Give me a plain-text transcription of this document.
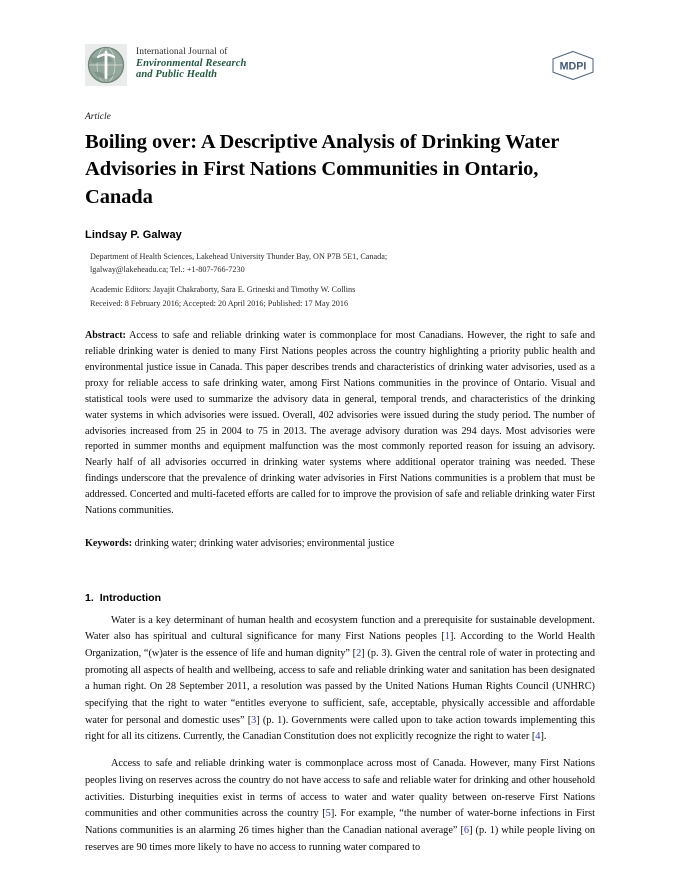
International Journal of
Environmental Research
and Public Health
MDPI
Article
Boiling over: A Descriptive Analysis of Drinking Water Advisories in First Nations Communities in Ontario, Canada
Lindsay P. Galway
Department of Health Sciences, Lakehead University Thunder Bay, ON P7B 5E1, Canada;
lgalway@lakeheadu.ca; Tel.: +1-807-766-7230
Academic Editors: Jayajit Chakraborty, Sara E. Grineski and Timothy W. Collins
Received: 8 February 2016; Accepted: 20 April 2016; Published: 17 May 2016
Abstract: Access to safe and reliable drinking water is commonplace for most Canadians. However, the right to safe and reliable drinking water is denied to many First Nations peoples across the country highlighting a priority public health and environmental justice issue in Canada. This paper describes trends and characteristics of drinking water advisories, used as a proxy for reliable access to safe drinking water, among First Nations communities in the province of Ontario. Visual and statistical tools were used to summarize the advisory data in general, temporal trends, and characteristics of the drinking water systems in which advisories were issued. Overall, 402 advisories were issued during the study period. The number of advisories increased from 25 in 2004 to 75 in 2013. The average advisory duration was 294 days. Most advisories were reported in summer months and equipment malfunction was the most commonly reported reason for issuing an advisory. Nearly half of all advisories occurred in drinking water systems where additional operator training was needed. These findings underscore that the prevalence of drinking water advisories in First Nations communities is a problem that must be addressed. Concerted and multi-faceted efforts are called for to improve the provision of safe and reliable drinking water First Nations communities.
Keywords: drinking water; drinking water advisories; environmental justice
1. Introduction

Water is a key determinant of human health and ecosystem function and a prerequisite for sustainable development. Water also has spiritual and cultural significance for many First Nations peoples [1]. According to the World Health Organization, “(w)ater is the essence of life and human dignity” [2] (p. 3). Given the central role of water in protecting and promoting all aspects of health and wellbeing, access to safe and reliable drinking water and sanitation has been designated a human right. On 28 September 2011, a resolution was passed by the United Nations Human Rights Council (UNHRC) specifying that the right to water “entitles everyone to sufficient, safe, acceptable, physically accessible and affordable water for personal and domestic uses” [3] (p. 1). Governments were called upon to take action towards implementing this right for all its citizens. Currently, the Canadian Constitution does not explicitly recognize the right to water [4].

Access to safe and reliable drinking water is commonplace across most of Canada. However, many First Nations peoples living on reserves across the country do not have access to safe and reliable water for drinking and other household activities. Disturbing inequities exist in terms of access to water and water quality between on-reserve First Nations communities and other communities across the country [5]. For example, “the number of water-borne infections in First Nations communities is an alarming 26 times higher than the Canadian national average” [6] (p. 1) while people living on reserves are 90 times more likely to have no access to running water compared to
